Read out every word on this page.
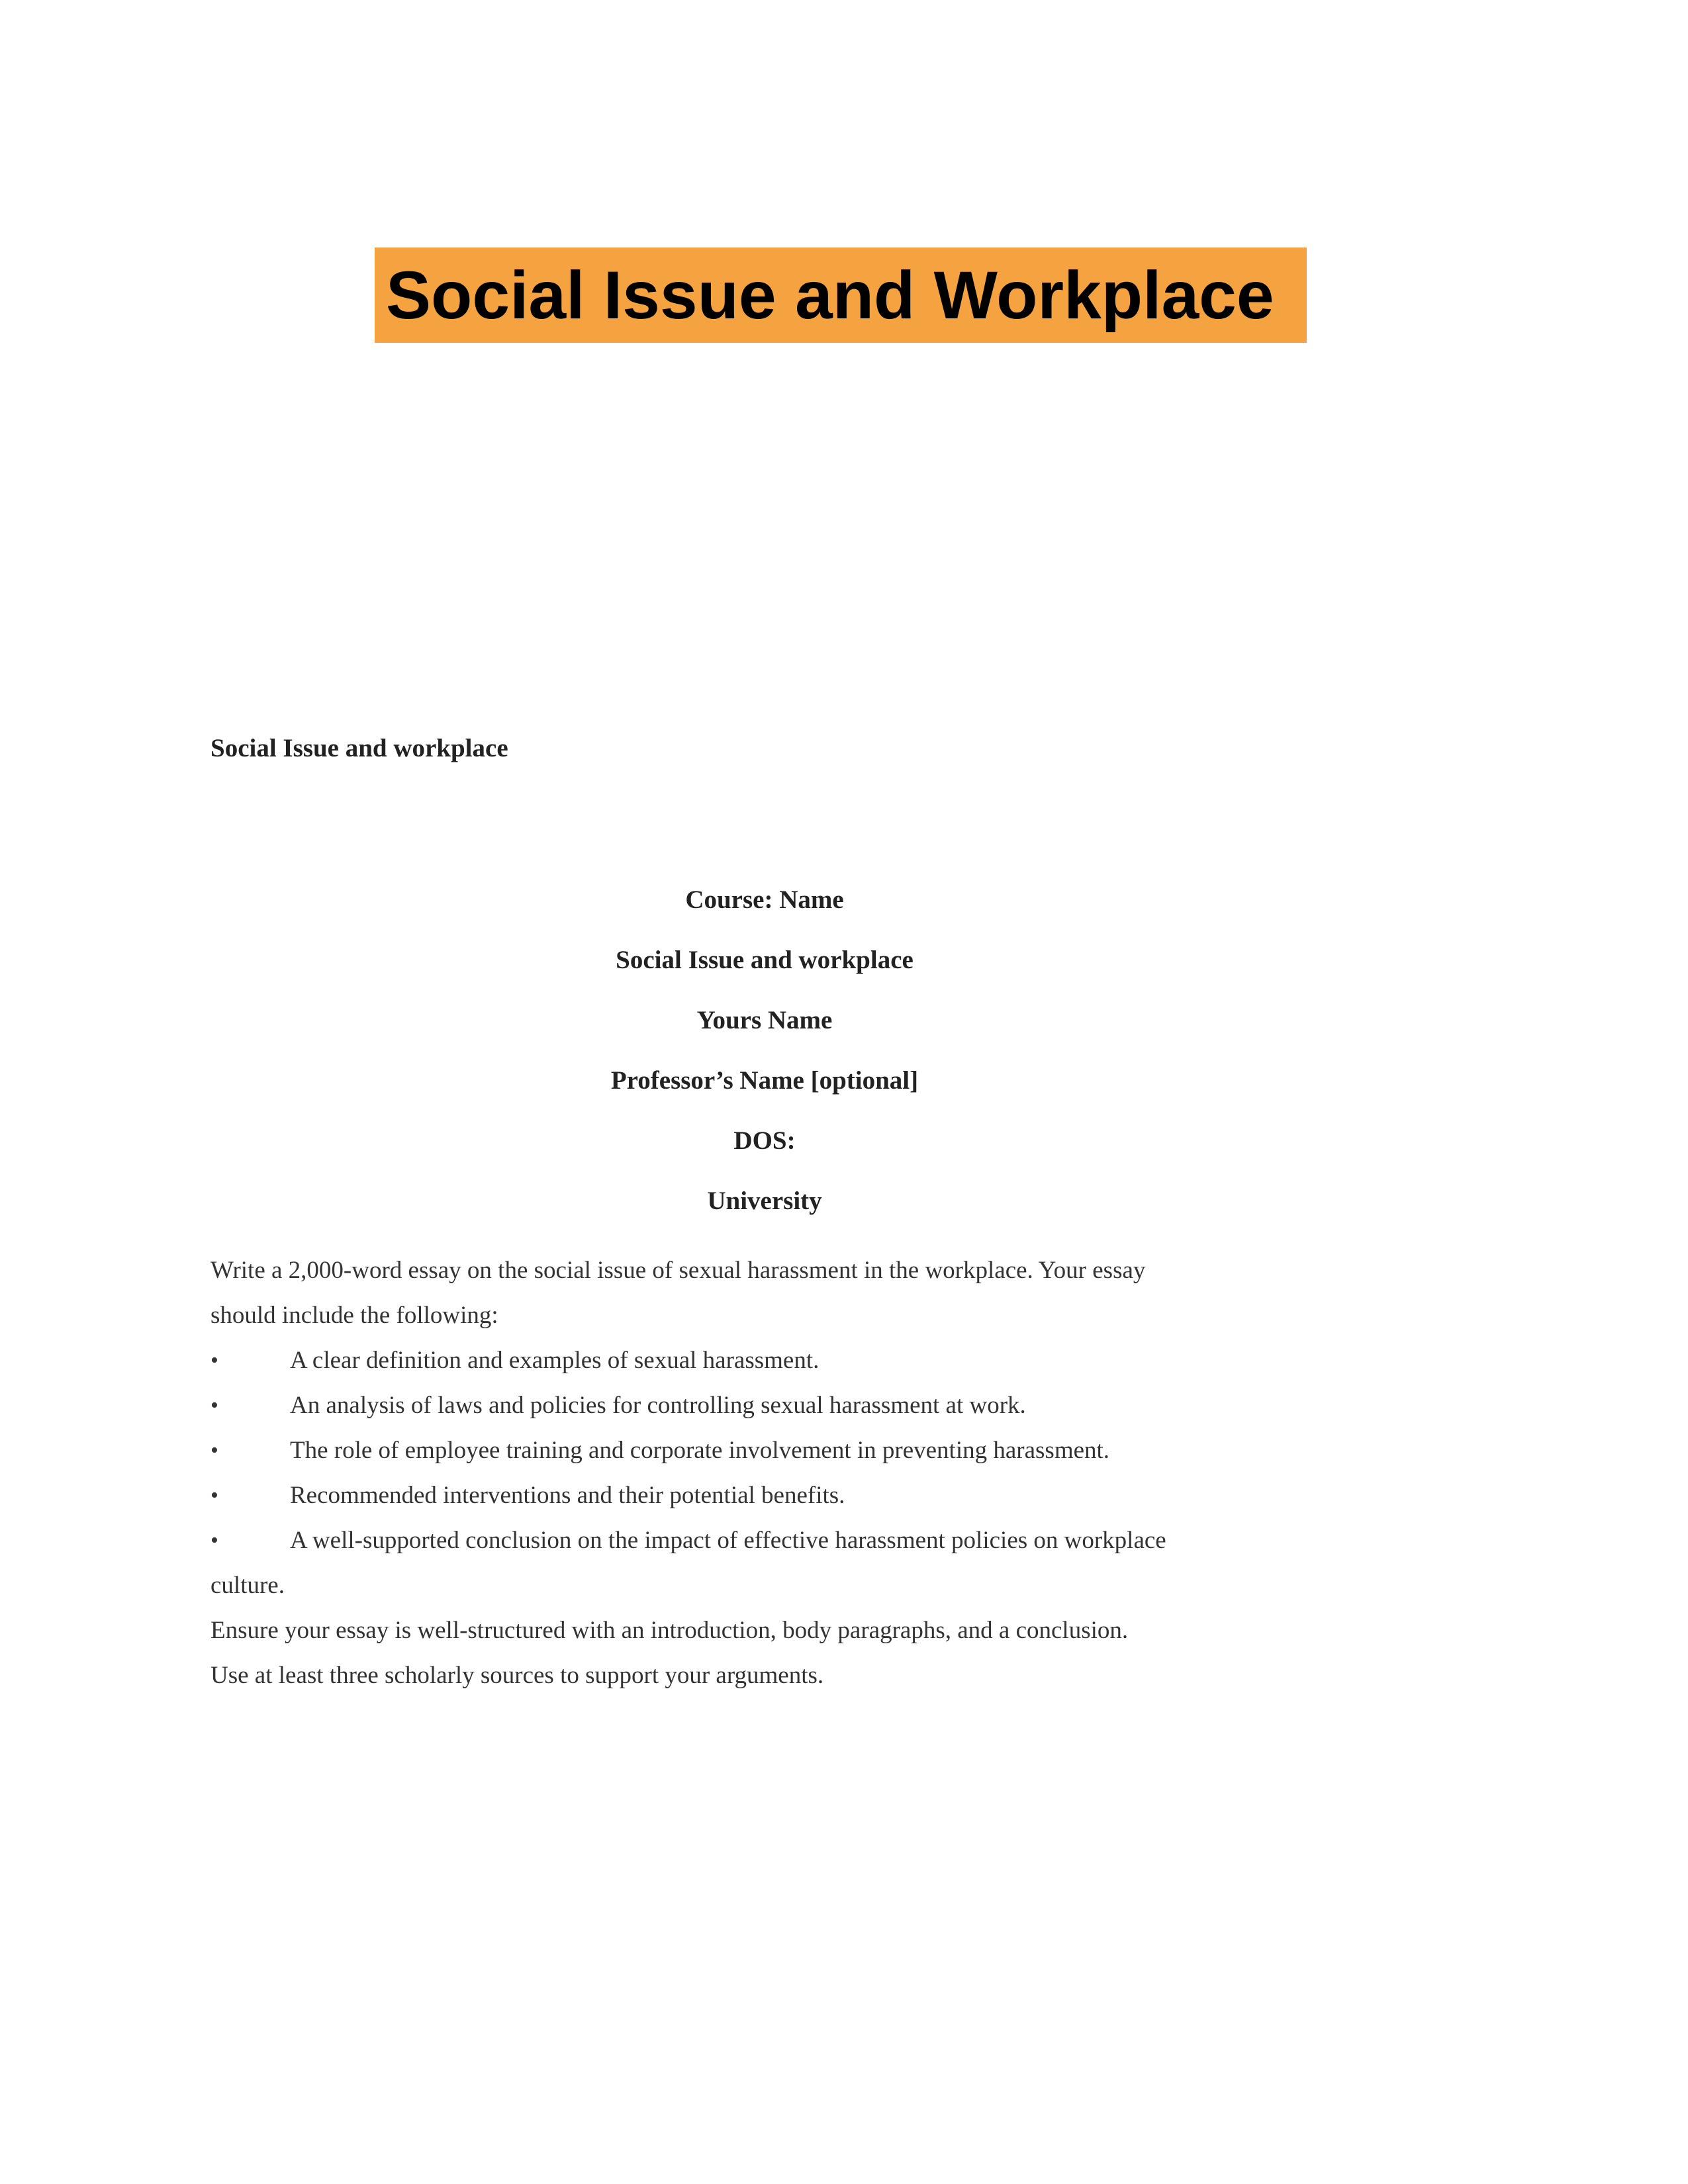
Social Issue and Workplace
Social Issue and workplace
Course: Name
Social Issue and workplace
Yours Name
Professor’s Name [optional]
DOS:
University
Write a 2,000-word essay on the social issue of sexual harassment in the workplace. Your essay
should include the following:
•	A clear definition and examples of sexual harassment.
•	An analysis of laws and policies for controlling sexual harassment at work.
•	The role of employee training and corporate involvement in preventing harassment.
•	Recommended interventions and their potential benefits.
•	A well-supported conclusion on the impact of effective harassment policies on workplace
culture.
Ensure your essay is well-structured with an introduction, body paragraphs, and a conclusion.
Use at least three scholarly sources to support your arguments.
